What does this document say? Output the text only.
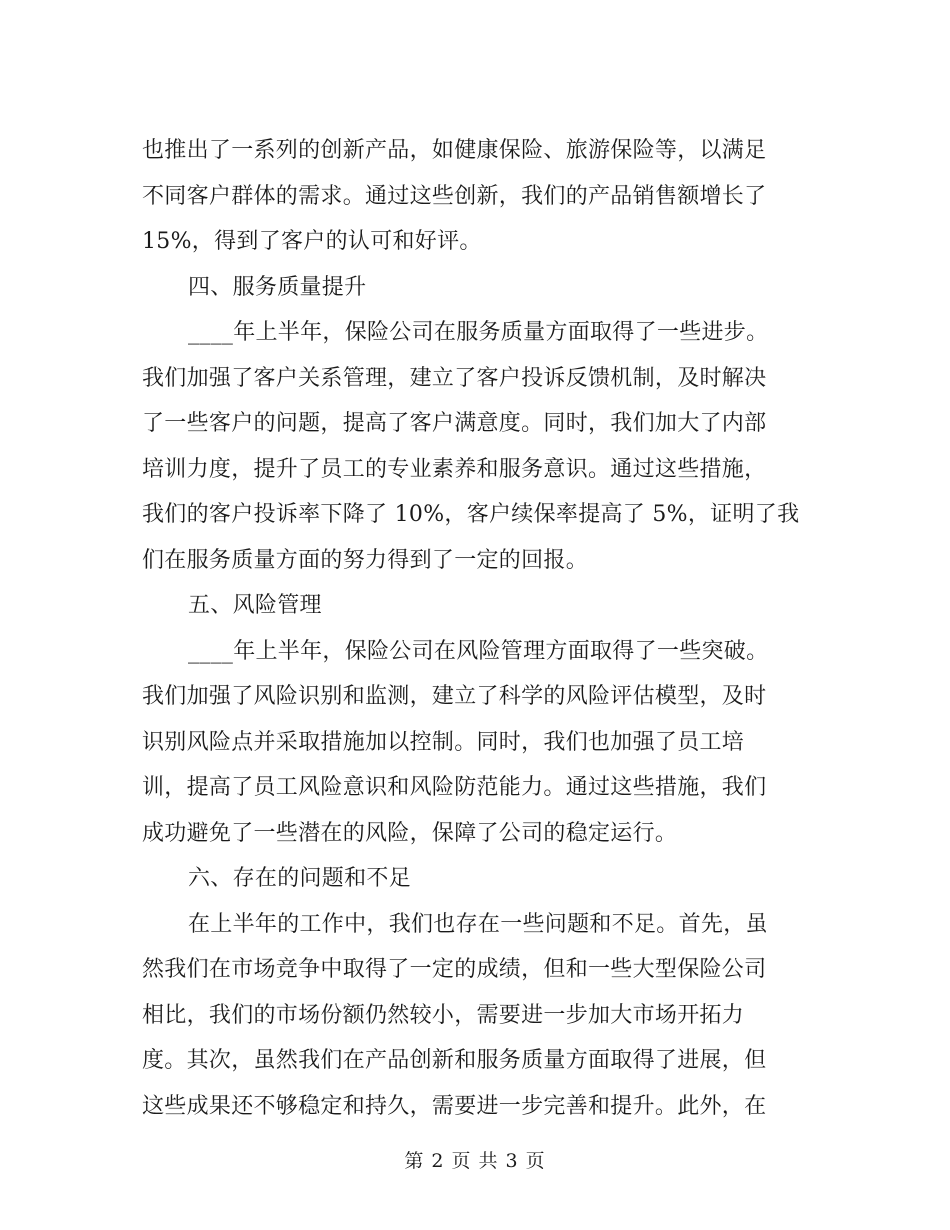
也推出了一系列的创新产品，如健康保险、旅游保险等，以满足
不同客户群体的需求。通过这些创新，我们的产品销售额增长了
15%，得到了客户的认可和好评。
四、服务质量提升
____年上半年，保险公司在服务质量方面取得了一些进步。
我们加强了客户关系管理，建立了客户投诉反馈机制，及时解决
了一些客户的问题，提高了客户满意度。同时，我们加大了内部
培训力度，提升了员工的专业素养和服务意识。通过这些措施，
我们的客户投诉率下降了 10%，客户续保率提高了 5%，证明了我
们在服务质量方面的努力得到了一定的回报。
五、风险管理
____年上半年，保险公司在风险管理方面取得了一些突破。
我们加强了风险识别和监测，建立了科学的风险评估模型，及时
识别风险点并采取措施加以控制。同时，我们也加强了员工培
训，提高了员工风险意识和风险防范能力。通过这些措施，我们
成功避免了一些潜在的风险，保障了公司的稳定运行。
六、存在的问题和不足
在上半年的工作中，我们也存在一些问题和不足。首先，虽
然我们在市场竞争中取得了一定的成绩，但和一些大型保险公司
相比，我们的市场份额仍然较小，需要进一步加大市场开拓力
度。其次，虽然我们在产品创新和服务质量方面取得了进展，但
这些成果还不够稳定和持久，需要进一步完善和提升。此外，在
第 2 页 共 3 页
